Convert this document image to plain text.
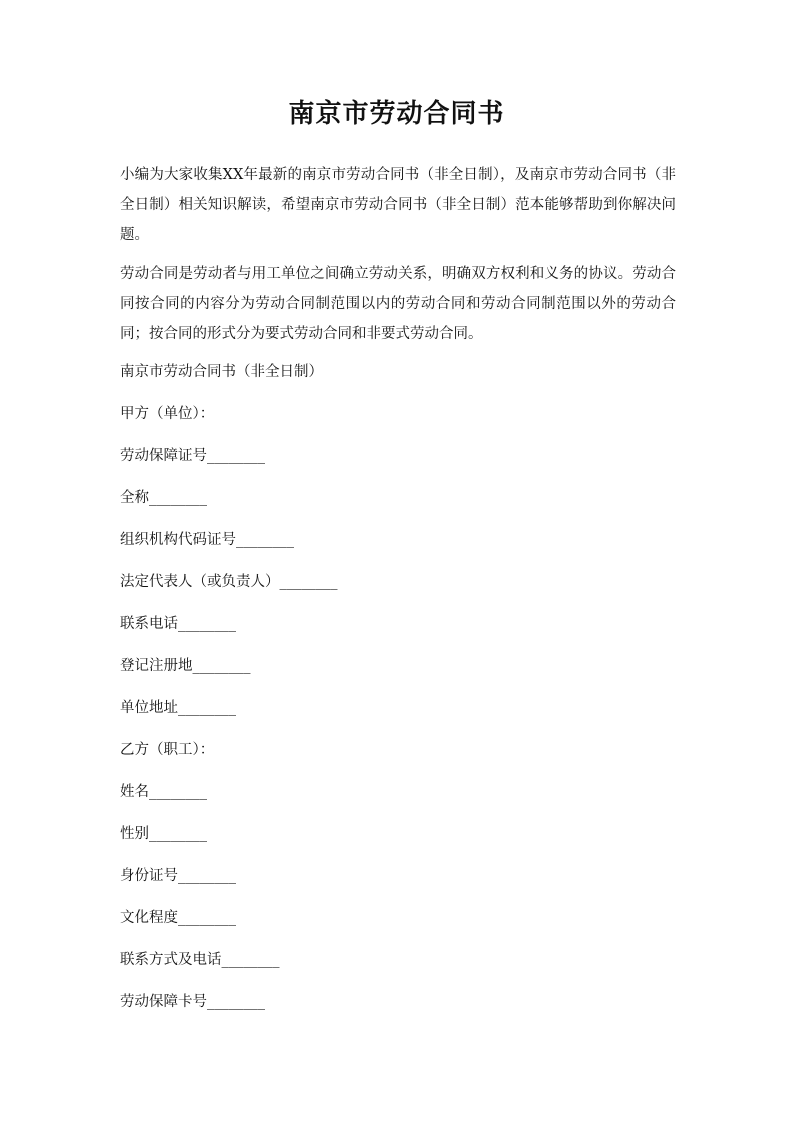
南京市劳动合同书

小编为大家收集XX年最新的南京市劳动合同书（非全日制），及南京市劳动合同书（非全日制）相关知识解读，希望南京市劳动合同书（非全日制）范本能够帮助到你解决问题。

劳动合同是劳动者与用工单位之间确立劳动关系，明确双方权利和义务的协议。劳动合同按合同的内容分为劳动合同制范围以内的劳动合同和劳动合同制范围以外的劳动合同；按合同的形式分为要式劳动合同和非要式劳动合同。

南京市劳动合同书（非全日制）

甲方（单位）：

劳动保障证号________

全称________

组织机构代码证号________

法定代表人（或负责人）________

联系电话________

登记注册地________

单位地址________

乙方（职工）：

姓名________

性别________

身份证号________

文化程度________

联系方式及电话________

劳动保障卡号________
